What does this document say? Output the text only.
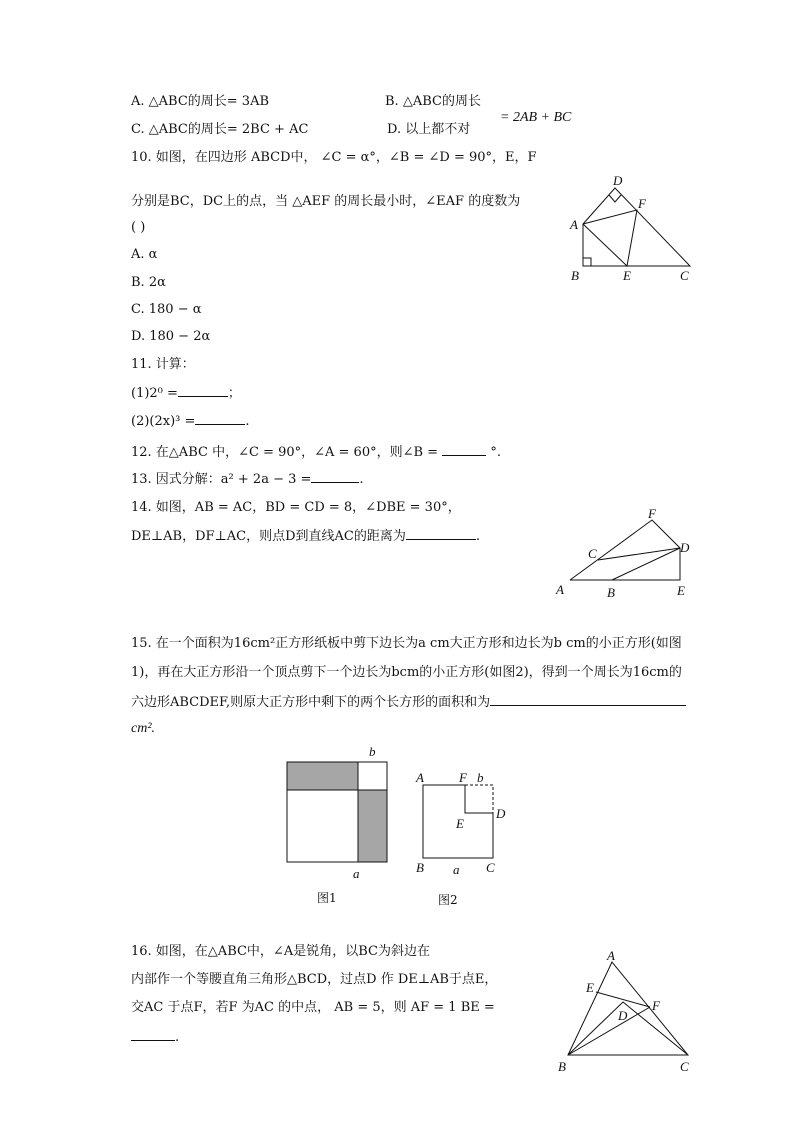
A. △ABC的周长= 3AB	B. △ABC的周长
= 2AB + BC
C. △ABC的周长= 2BC + AC	D. 以上都不对
10. 如图，在四边形 ABCD中， ∠C = α°，∠B = ∠D = 90°，E，F
分别是BC，DC上的点，当 △AEF 的周长最小时，∠EAF 的度数为
( )
A. α
B. 2α
C. 180 − α
D. 180 − 2α
11. 计算：
(1)2⁰ =	；
(2)(2x)³ =	.
12. 在△ABC 中，∠C = 90°，∠A = 60°，则∠B =	°.
13. 因式分解：a² + 2a − 3 =	.
14. 如图，AB = AC，BD = CD = 8，∠DBE = 30°，
DE⊥AB，DF⊥AC，则点D到直线AC的距离为	.
15. 在一个面积为16cm²正方形纸板中剪下边长为a cm大正方形和边长为b cm的小正方形(如图
1)，再在大正方形沿一个顶点剪下一个边长为bcm的小正方形(如图2)，得到一个周长为16cm的
六边形ABCDEF,则原大正方形中剩下的两个长方形的面积和为
cm².
16. 如图，在△ABC中，∠A是锐角，以BC为斜边在
内部作一个等腰直角三角形△BCD，过点D 作 DE⊥AB于点E，
交AC 于点F，若F 为AC 的中点， AB = 5，则 AF = 1 BE =
.
A
B	C
D
E
F
A	B
C	D
E
F
b
a
图1
A	F b
D
E
B a C
图2
A
B	C
D
E
F
